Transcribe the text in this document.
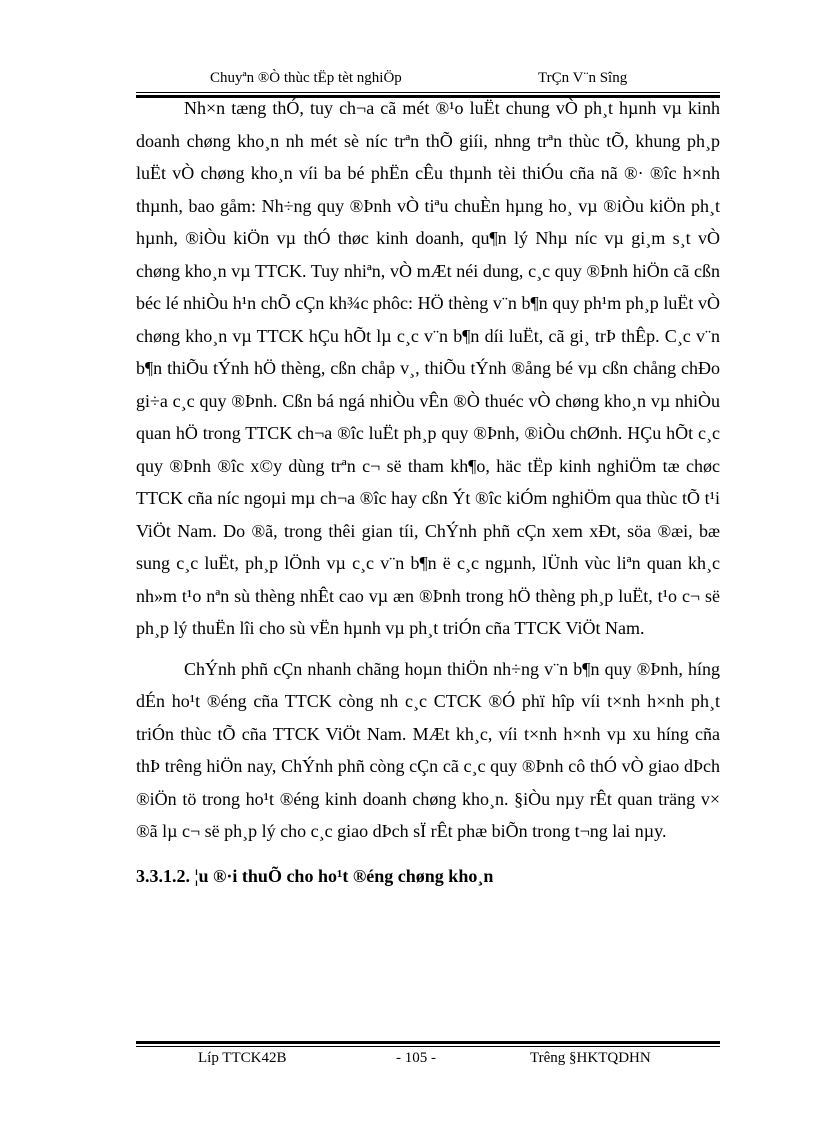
Chuyªn ®Ò thùc tËp tèt nghiÖp	TrÇn V¨n Sîng

Nh×n tæng thÓ, tuy ch¬a cã mét ®¹o luËt chung vÒ ph¸t hµnh vµ kinh doanh chøng kho¸n nh mét sè níc trªn thÕ giíi, nhng trªn thùc tÕ, khung ph¸p luËt vÒ chøng kho¸n víi ba bé phËn cÊu thµnh tèi thiÓu cña nã ®· ®îc h×nh thµnh, bao gåm: Nh÷ng quy ®Þnh vÒ tiªu chuÈn hµng ho¸ vµ ®iÒu kiÖn ph¸t hµnh, ®iÒu kiÖn vµ thÓ thøc kinh doanh, qu¶n lý Nhµ níc vµ gi¸m s¸t vÒ chøng kho¸n vµ TTCK. Tuy nhiªn, vÒ mÆt néi dung, c¸c quy ®Þnh hiÖn cã cßn béc lé nhiÒu h¹n chÕ cÇn kh¾c phôc: HÖ thèng v¨n b¶n quy ph¹m ph¸p luËt vÒ chøng kho¸n vµ TTCK hÇu hÕt lµ c¸c v¨n b¶n díi luËt, cã gi¸ trÞ thÊp. C¸c v¨n b¶n thiÕu tÝnh hÖ thèng, cßn chåp v¸, thiÕu tÝnh ®ång bé vµ cßn chång chÐo gi÷a c¸c quy ®Þnh. Cßn bá ngá nhiÒu vÊn ®Ò thuéc vÒ chøng kho¸n vµ nhiÒu quan hÖ trong TTCK ch¬a ®îc luËt ph¸p quy ®Þnh, ®iÒu chØnh. HÇu hÕt c¸c quy ®Þnh ®îc x©y dùng trªn c¬ së tham kh¶o, häc tËp kinh nghiÖm tæ chøc TTCK cña níc ngoµi mµ ch¬a ®îc hay cßn Ýt ®îc kiÓm nghiÖm qua thùc tÕ t¹i ViÖt Nam. Do ®ã, trong thêi gian tíi, ChÝnh phñ cÇn xem xÐt, söa ®æi, bæ sung c¸c luËt, ph¸p lÖnh vµ c¸c v¨n b¶n ë c¸c ngµnh, lÜnh vùc liªn quan kh¸c nh»m t¹o nªn sù thèng nhÊt cao vµ æn ®Þnh trong hÖ thèng ph¸p luËt, t¹o c¬ së ph¸p lý thuËn lîi cho sù vËn hµnh vµ ph¸t triÓn cña TTCK ViÖt Nam.

ChÝnh phñ cÇn nhanh chãng hoµn thiÖn nh÷ng v¨n b¶n quy ®Þnh, híng dÉn ho¹t ®éng cña TTCK còng nh c¸c CTCK ®Ó phï hîp víi t×nh h×nh ph¸t triÓn thùc tÕ cña TTCK ViÖt Nam. MÆt kh¸c, víi t×nh h×nh vµ xu híng cña thÞ trêng hiÖn nay, ChÝnh phñ còng cÇn cã c¸c quy ®Þnh cô thÓ vÒ giao dÞch ®iÖn tö trong ho¹t ®éng kinh doanh chøng kho¸n. §iÒu nµy rÊt quan träng v× ®ã lµ c¬ së ph¸p lý cho c¸c giao dÞch sÏ rÊt phæ biÕn trong t¬ng lai nµy.

3.3.1.2. ¦u ®·i thuÕ cho ho¹t ®éng chøng kho¸n

Líp TTCK42B	- 105 -	Trêng §HKTQDHN
